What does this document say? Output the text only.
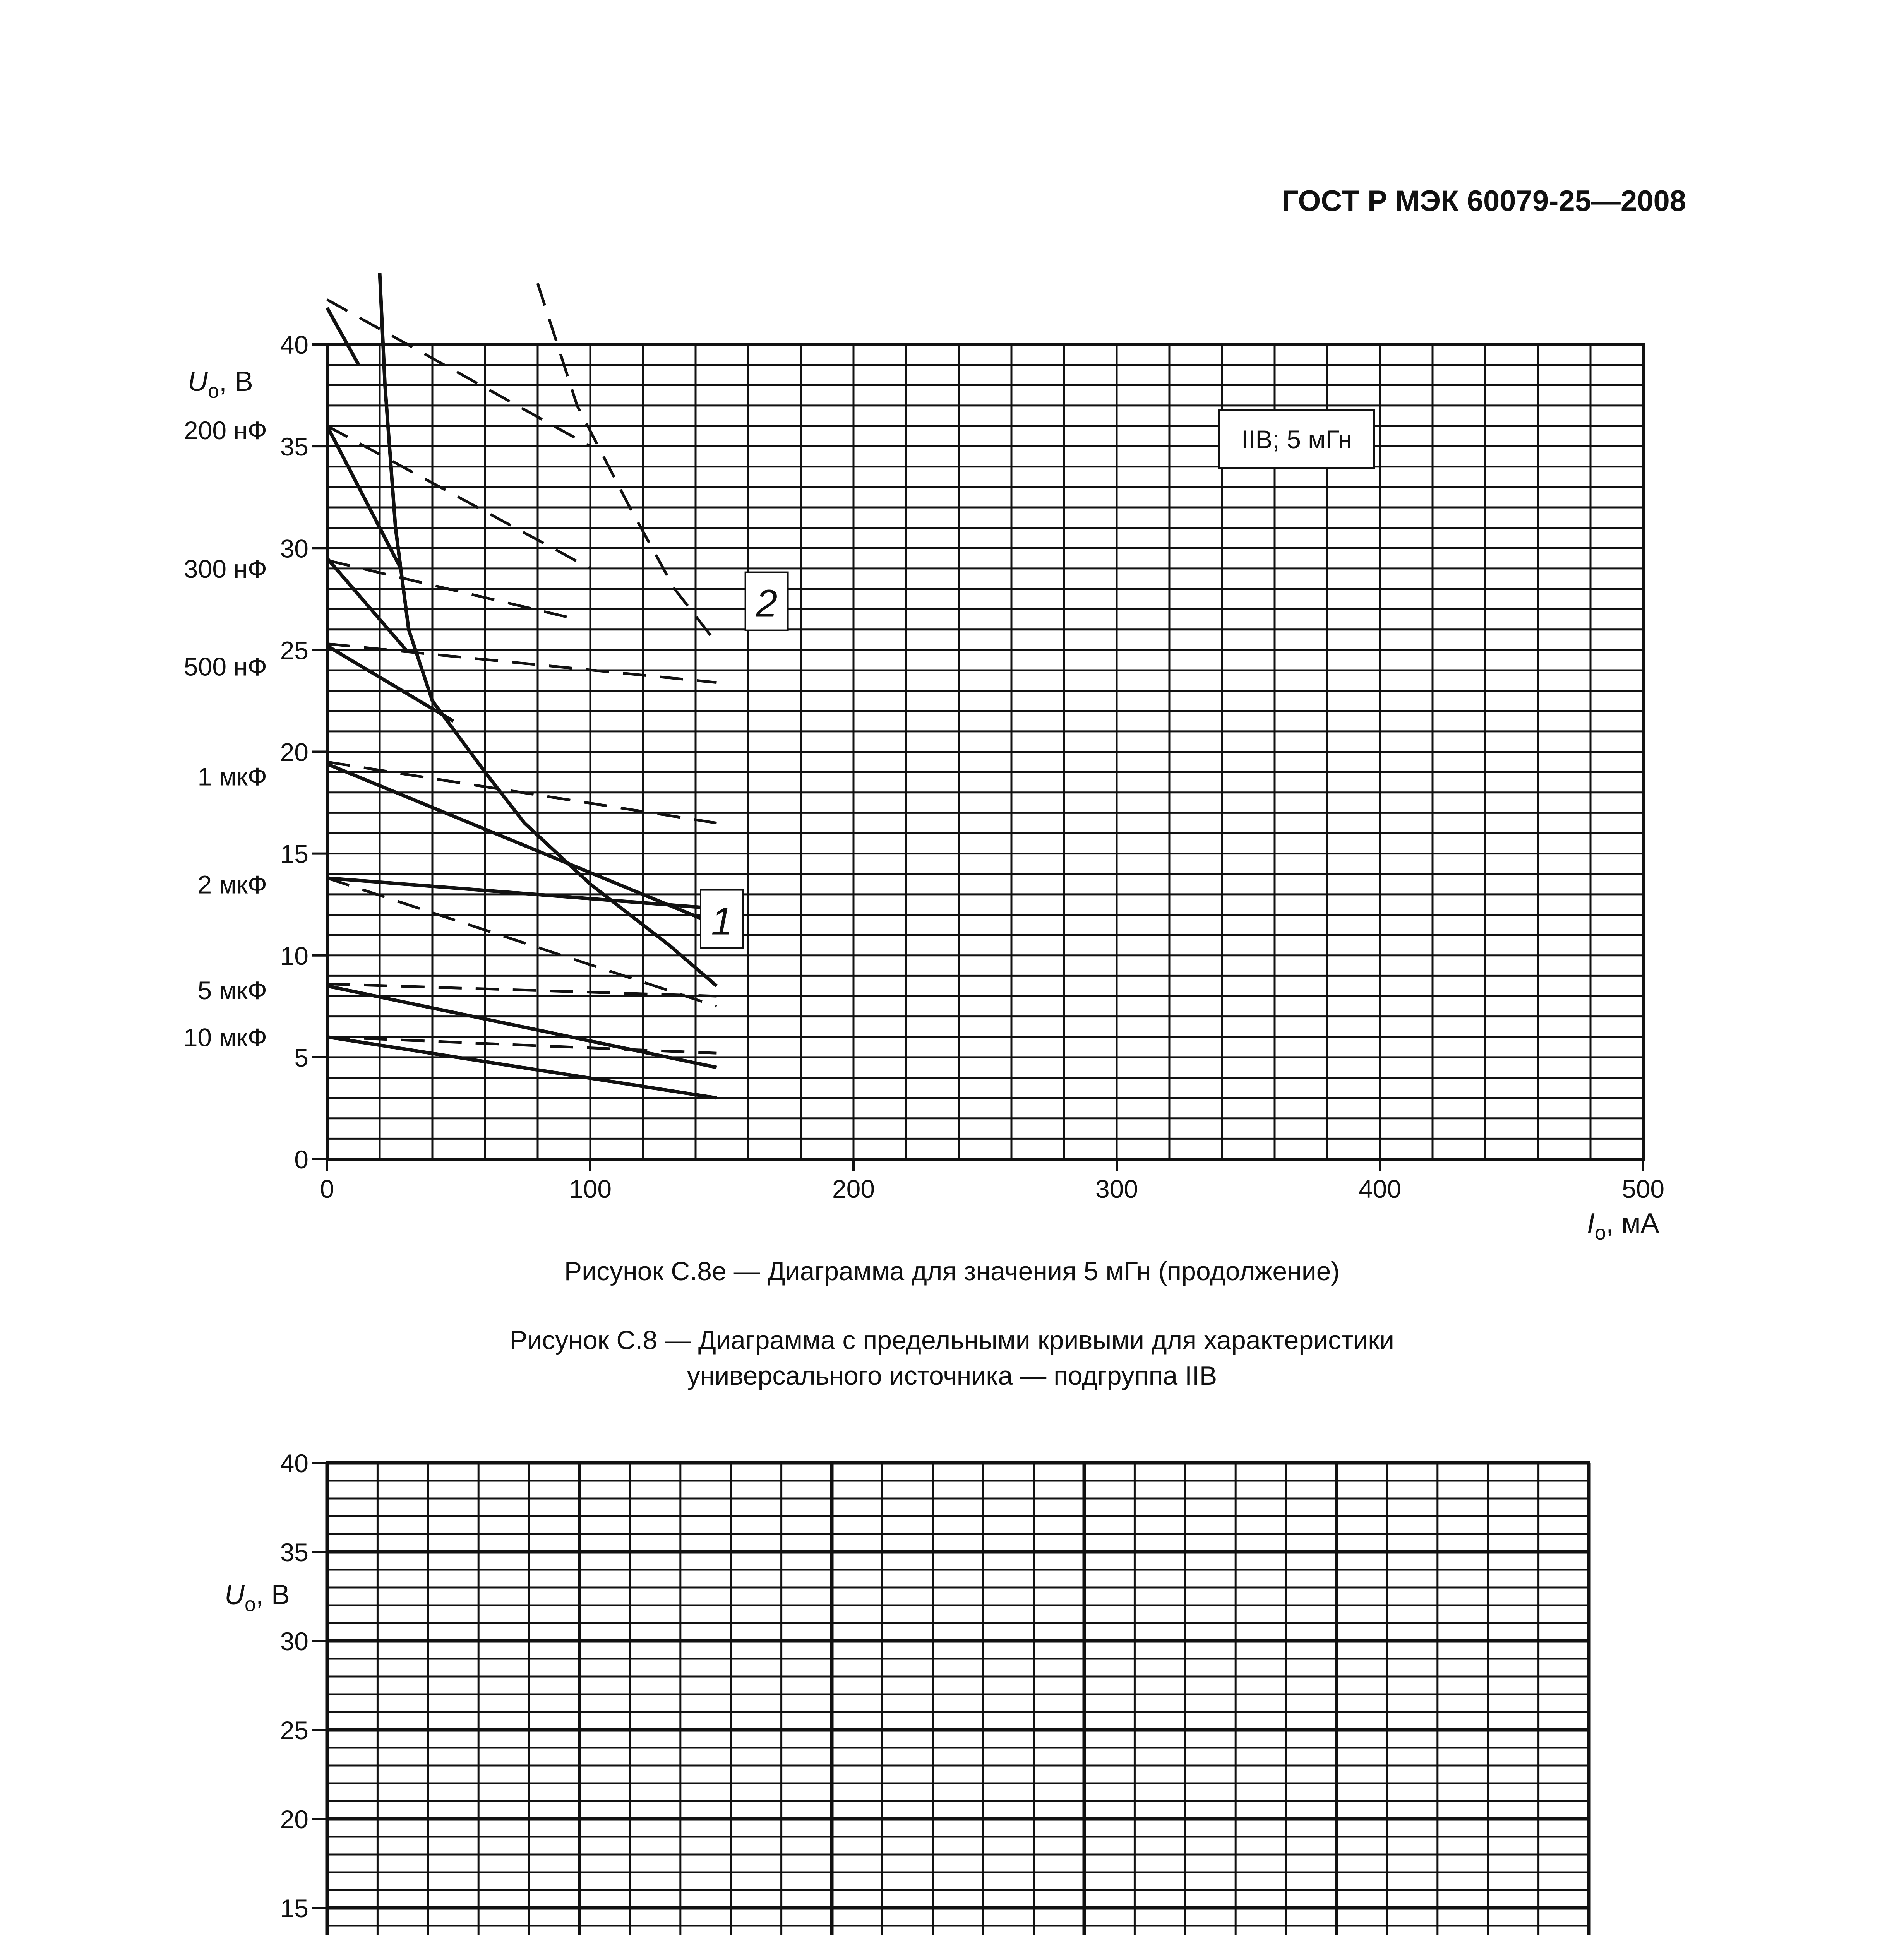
ГОСТ Р МЭК 60079-25—2008
0
5
10
15
20
25
30
35
40
0	100	200	300	400	500
$U_o$, В
$I_o$, мА
200 нФ
300 нФ
500 нФ
1 мкФ
2 мкФ
5 мкФ
10 мкФ
IIB; 5 мГн
2
1
Рисунок С.8е — Диаграмма для значения 5 мГн (продолжение)
Рисунок С.8 — Диаграмма с предельными кривыми для характеристики
универсального источника — подгруппа IIB
15
20
25
30
35
40
$U_o$, В
